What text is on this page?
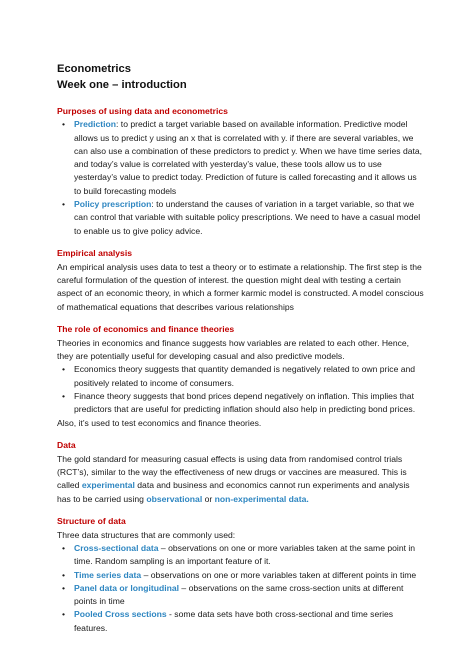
Econometrics
Week one – introduction
Purposes of using data and econometrics
• Prediction: to predict a target variable based on available information. Predictive model allows us to predict y using an x that is correlated with y. if there are several variables, we can also use a combination of these predictors to predict y. When we have time series data, and today’s value is correlated with yesterday’s value, these tools allow us to use yesterday’s value to predict today. Prediction of future is called forecasting and it allows us to build forecasting models
• Policy prescription: to understand the causes of variation in a target variable, so that we can control that variable with suitable policy prescriptions. We need to have a casual model to enable us to give policy advice.
Empirical analysis

An empirical analysis uses data to test a theory or to estimate a relationship. The first step is the careful formulation of the question of interest. the question might deal with testing a certain aspect of an economic theory, in which a former karmic model is constructed. A model conscious of mathematical equations that describes various relationships

The role of economics and finance theories

Theories in economics and finance suggests how variables are related to each other. Hence, they are potentially useful for developing casual and also predictive models.

• Economics theory suggests that quantity demanded is negatively related to own price and positively related to income of consumers.
• Finance theory suggests that bond prices depend negatively on inflation. This implies that predictors that are useful for predicting inflation should also help in predicting bond prices.

Also, it’s used to test economics and finance theories.

Data

The gold standard for measuring casual effects is using data from randomised control trials (RCT’s), similar to the way the effectiveness of new drugs or vaccines are measured. This is called experimental data and business and economics cannot run experiments and analysis has to be carried using observational or non-experimental data.

Structure of data

Three data structures that are commonly used:

• Cross-sectional data – observations on one or more variables taken at the same point in time. Random sampling is an important feature of it.
• Time series data – observations on one or more variables taken at different points in time
• Panel data or longitudinal – observations on the same cross-section units at different points in time
• Pooled Cross sections - some data sets have both cross-sectional and time series features.
